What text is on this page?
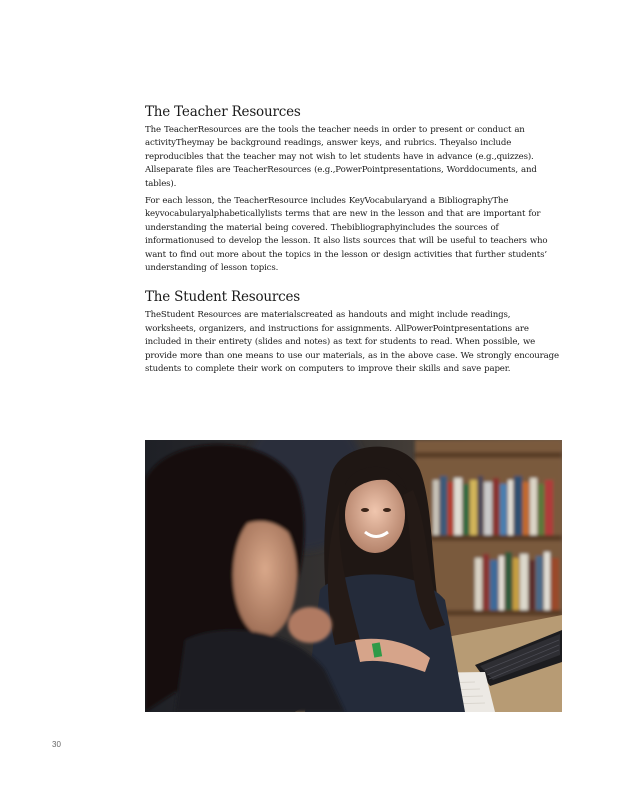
The Teacher Resources

The TeacherResources are the tools the teacher needs in order to present or conduct an activityTheymay be background readings, answer keys, and rubrics. Theyalso include reproducibles that the teacher may not wish to let students have in advance (e.g.,quizzes). Allseparate files are TeacherResources (e.g.,PowerPointpresentations, Worddocuments, and tables).

For each lesson, the TeacherResource includes KeyVocabularyand a BibliographyThe keyvocabularyalphabeticallylists terms that are new in the lesson and that are important for understanding the material being covered. Thebibliographyincludes the sources of informationused to develop the lesson. It also lists sources that will be useful to teachers who want to find out more about the topics in the lesson or design activities that further students’ understanding of lesson topics.

The Student Resources

TheStudent Resources are materialscreated as handouts and might include readings, worksheets, organizers, and instructions for assignments. AllPowerPointpresentations are included in their entirety (slides and notes) as text for students to read. When possible, we provide more than one means to use our materials, as in the above case. We strongly encourage students to complete their work on computers to improve their skills and save paper.

30
